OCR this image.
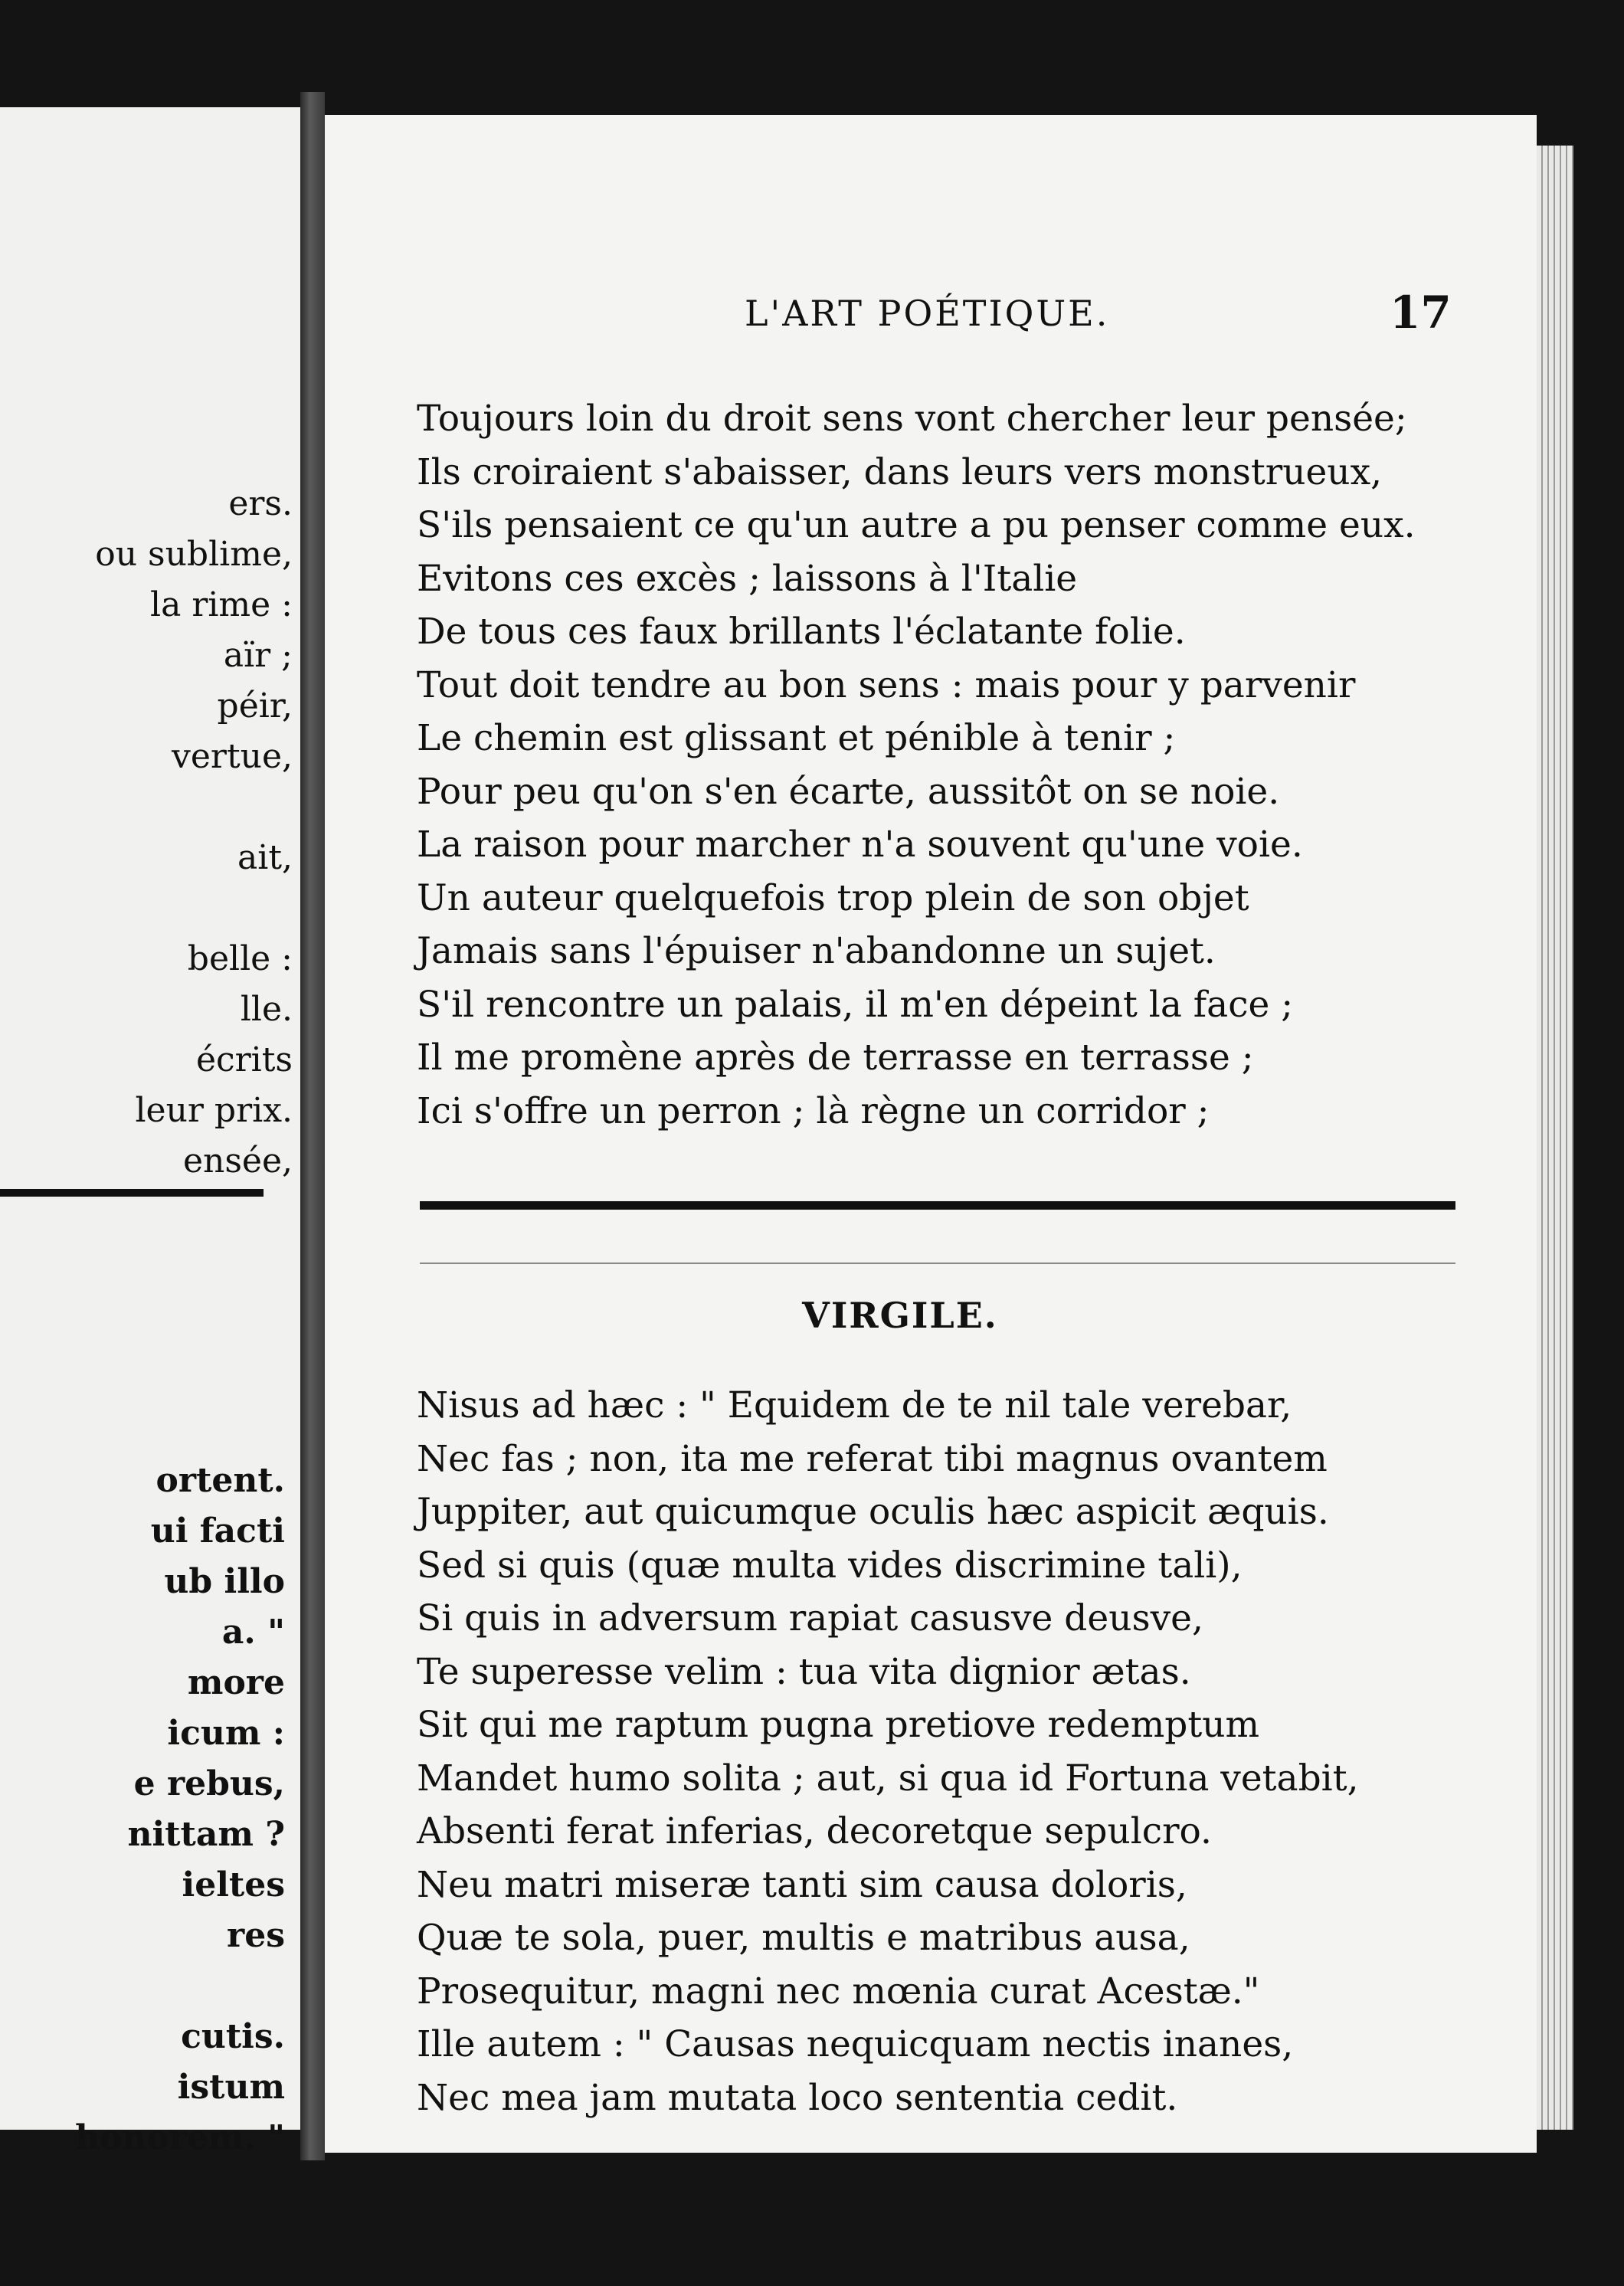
ers.
ou sublime,
la rime :
aïr ;
péir,
vertue,

ait,

belle :
lle.
écrits
leur prix.
ensée,
ortent.
ui facti
ub illo
a. "
more
icum :
e rebus,
nittam ?
ieltes
res

cutis.
istum
honorem. "
L'ART POÉTIQUE.	17
Toujours loin du droit sens vont chercher leur pensée;
Ils croiraient s'abaisser, dans leurs vers monstrueux,
S'ils pensaient ce qu'un autre a pu penser comme eux.
Evitons ces excès ; laissons à l'Italie
De tous ces faux brillants l'éclatante folie.
Tout doit tendre au bon sens : mais pour y parvenir
Le chemin est glissant et pénible à tenir ;
Pour peu qu'on s'en écarte, aussitôt on se noie.
La raison pour marcher n'a souvent qu'une voie.
Un auteur quelquefois trop plein de son objet
Jamais sans l'épuiser n'abandonne un sujet.
S'il rencontre un palais, il m'en dépeint la face ;
Il me promène après de terrasse en terrasse ;
Ici s'offre un perron ; là règne un corridor ;
VIRGILE.
Nisus ad hæc : " Equidem de te nil tale verebar,
Nec fas ; non, ita me referat tibi magnus ovantem
Juppiter, aut quicumque oculis hæc aspicit æquis.
Sed si quis (quæ multa vides discrimine tali),
Si quis in adversum rapiat casusve deusve,
Te superesse velim : tua vita dignior ætas.
Sit qui me raptum pugna pretiove redemptum
Mandet humo solita ; aut, si qua id Fortuna vetabit,
Absenti ferat inferias, decoretque sepulcro.
Neu matri miseræ tanti sim causa doloris,
Quæ te sola, puer, multis e matribus ausa,
Prosequitur, magni nec mœnia curat Acestæ."
Ille autem : " Causas nequicquam nectis inanes,
Nec mea jam mutata loco sententia cedit.
